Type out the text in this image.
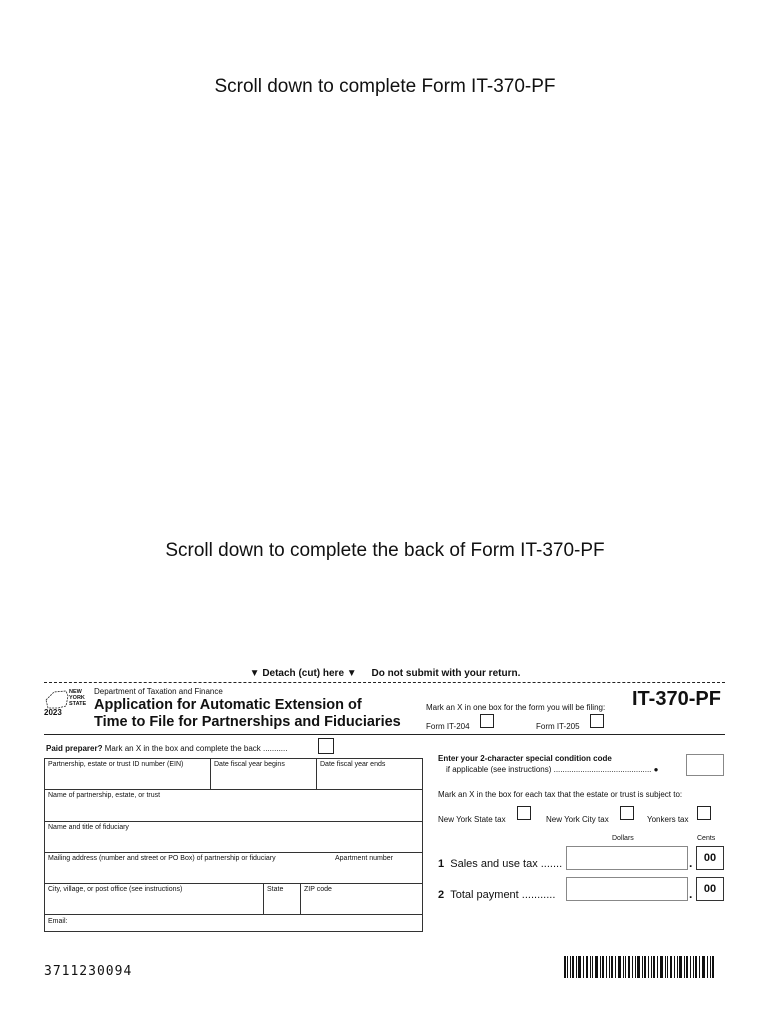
Scroll down to complete Form IT-370-PF
Scroll down to complete the back of Form IT-370-PF
▼ Detach (cut) here ▼ Do not submit with your return.
NEW
YORK
STATE
2023
Department of Taxation and Finance
Application for Automatic Extension of
Time to File for Partnerships and Fiduciaries
Mark an X in one box for the form you will be filing: IT-370-PF
Form IT-204	Form IT-205
Paid preparer? Mark an X in the box and complete the back ...........
Partnership, estate or trust ID number (EIN)	Date fiscal year begins	Date fiscal year ends
Name of partnership, estate, or trust
Name and title of fiduciary
Mailing address (number and street or PO Box) of partnership or fiduciary	Apartment number
City, village, or post office (see instructions)	State	ZIP code
Email:
Enter your 2-character special condition code
if applicable (see instructions) ............................................ ●
Mark an X in the box for each tax that the estate or trust is subject to:
New York State tax	New York City tax	Yonkers tax
Dollars	Cents
1 Sales and use tax .......	.	00
2 Total payment ...........	.	00
3711230094
